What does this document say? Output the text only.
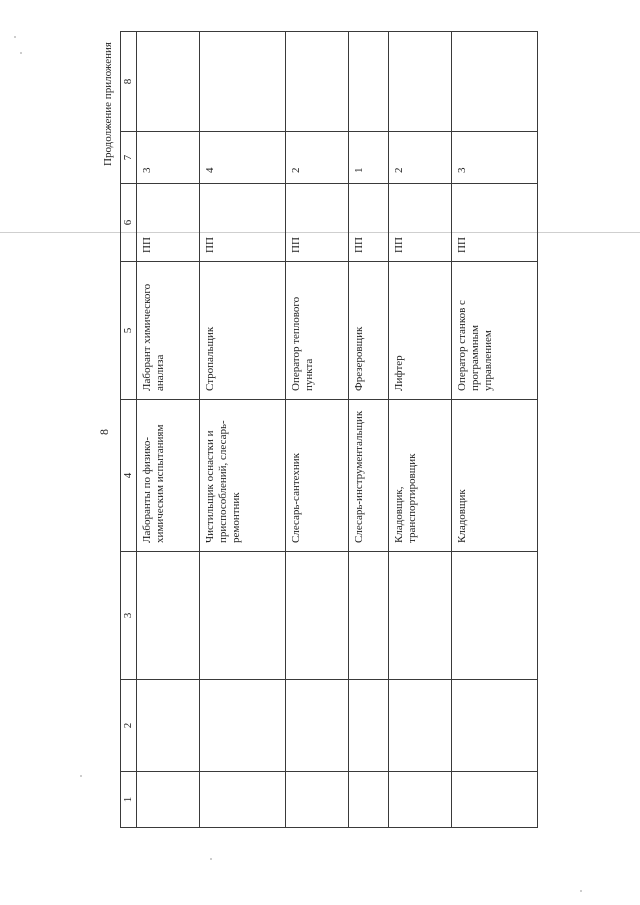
8
Продолжение приложения
1	2	3	4	5	6	7	8
			Лаборанты по физико-химическим испытаниям	Лаборант химического анализа	ПП	3	
			Чистильщик оснастки и приспособлений, слесарь-ремонтник	Стропальщик	ПП	4	
			Слесарь-сантехник	Оператор теплового пункта	ПП	2	
			Слесарь-инструментальщик	Фрезеровщик	ПП	1	
			Кладовщик, транспортировщик	Лифтер	ПП	2	
			Кладовщик	Оператор станков с программным управлением	ПП	3	
